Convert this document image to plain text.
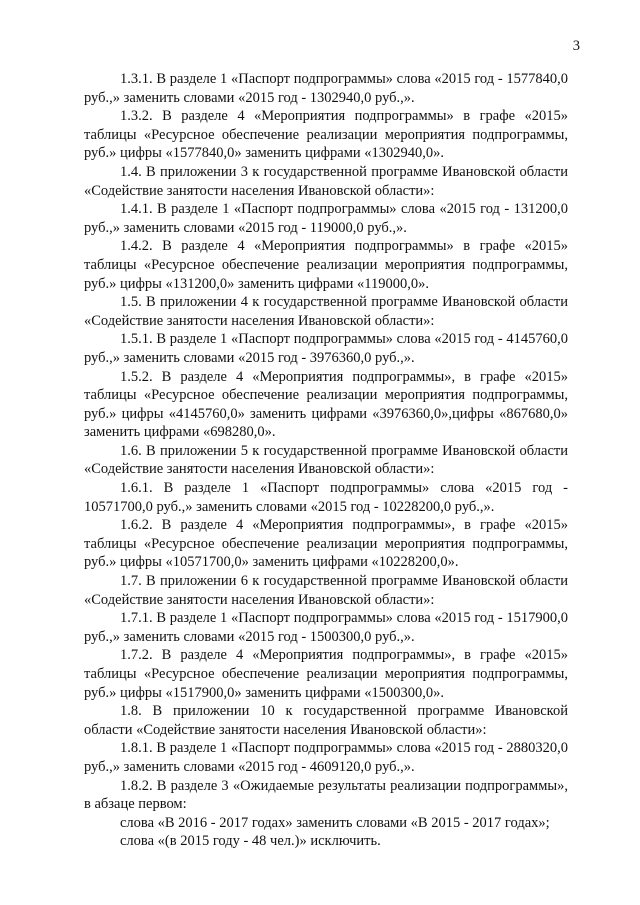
3

1.3.1. В разделе 1 «Паспорт подпрограммы» слова «2015 год - 1577840,0 руб.,» заменить словами «2015 год - 1302940,0 руб.,».

1.3.2. В разделе 4 «Мероприятия подпрограммы» в графе «2015» таблицы «Ресурсное обеспечение реализации мероприятия подпрограммы, руб.» цифры «1577840,0» заменить цифрами «1302940,0».

1.4. В приложении 3 к государственной программе Ивановской области «Содействие занятости населения Ивановской области»:

1.4.1. В разделе 1 «Паспорт подпрограммы» слова «2015 год - 131200,0 руб.,» заменить словами «2015 год - 119000,0 руб.,».

1.4.2. В разделе 4 «Мероприятия подпрограммы» в графе «2015» таблицы «Ресурсное обеспечение реализации мероприятия подпрограммы, руб.» цифры «131200,0» заменить цифрами «119000,0».

1.5. В приложении 4 к государственной программе Ивановской области «Содействие занятости населения Ивановской области»:

1.5.1. В разделе 1 «Паспорт подпрограммы» слова «2015 год - 4145760,0 руб.,» заменить словами «2015 год - 3976360,0 руб.,».

1.5.2. В разделе 4 «Мероприятия подпрограммы», в графе «2015» таблицы «Ресурсное обеспечение реализации мероприятия подпрограммы, руб.» цифры «4145760,0» заменить цифрами «3976360,0»,цифры «867680,0» заменить цифрами «698280,0».

1.6. В приложении 5 к государственной программе Ивановской области «Содействие занятости населения Ивановской области»:

1.6.1. В разделе 1 «Паспорт подпрограммы» слова «2015 год - 10571700,0 руб.,» заменить словами «2015 год - 10228200,0 руб.,».

1.6.2. В разделе 4 «Мероприятия подпрограммы», в графе «2015» таблицы «Ресурсное обеспечение реализации мероприятия подпрограммы, руб.» цифры «10571700,0» заменить цифрами «10228200,0».

1.7. В приложении 6 к государственной программе Ивановской области «Содействие занятости населения Ивановской области»:

1.7.1. В разделе 1 «Паспорт подпрограммы» слова «2015 год - 1517900,0 руб.,» заменить словами «2015 год - 1500300,0 руб.,».

1.7.2. В разделе 4 «Мероприятия подпрограммы», в графе «2015» таблицы «Ресурсное обеспечение реализации мероприятия подпрограммы, руб.» цифры «1517900,0» заменить цифрами «1500300,0».

1.8. В приложении 10 к государственной программе Ивановской области «Содействие занятости населения Ивановской области»:

1.8.1. В разделе 1 «Паспорт подпрограммы» слова «2015 год - 2880320,0 руб.,» заменить словами «2015 год - 4609120,0 руб.,».

1.8.2. В разделе 3 «Ожидаемые результаты реализации подпрограммы», в абзаце первом:

слова «В 2016 - 2017 годах» заменить словами «В 2015 - 2017 годах»;

слова «(в 2015 году - 48 чел.)» исключить.
